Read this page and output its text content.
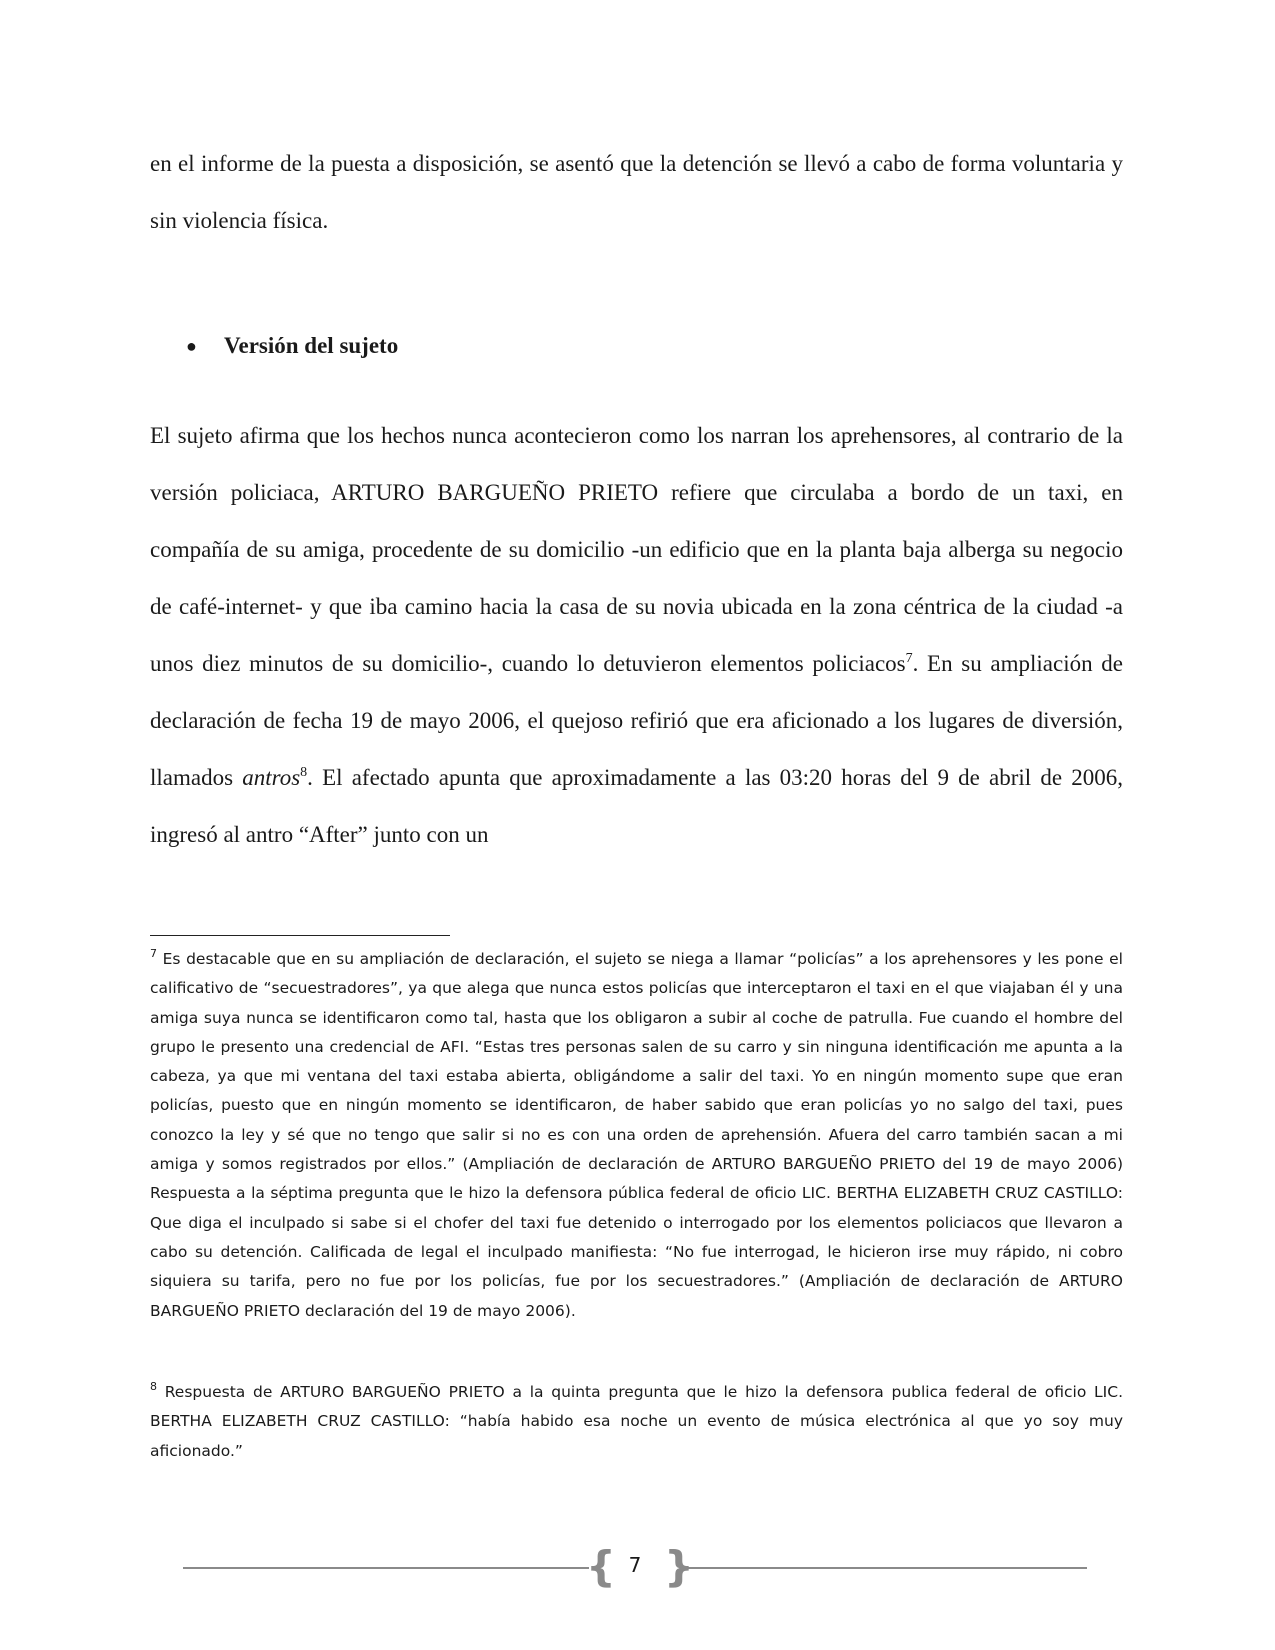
en el informe de la puesta a disposición, se asentó que la detención se llevó a cabo de forma voluntaria y sin violencia física.

●	Versión del sujeto

El sujeto afirma que los hechos nunca acontecieron como los narran los aprehensores, al contrario de la versión policiaca, ARTURO BARGUEÑO PRIETO refiere que circulaba a bordo de un taxi, en compañía de su amiga, procedente de su domicilio -un edificio que en la planta baja alberga su negocio de café-internet- y que iba camino hacia la casa de su novia ubicada en la zona céntrica de la ciudad -a unos diez minutos de su domicilio-, cuando lo detuvieron elementos policiacos$^7$. En su ampliación de declaración de fecha 19 de mayo 2006, el quejoso refirió que era aficionado a los lugares de diversión, llamados antros$^8$. El afectado apunta que aproximadamente a las 03:20 horas del 9 de abril de 2006, ingresó al antro “After” junto con un

$^7$ Es destacable que en su ampliación de declaración, el sujeto se niega a llamar “policías” a los aprehensores y les pone el calificativo de “secuestradores”, ya que alega que nunca estos policías que interceptaron el taxi en el que viajaban él y una amiga suya nunca se identificaron como tal, hasta que los obligaron a subir al coche de patrulla. Fue cuando el hombre del grupo le presento una credencial de AFI. “Estas tres personas salen de su carro y sin ninguna identificación me apunta a la cabeza, ya que mi ventana del taxi estaba abierta, obligándome a salir del taxi. Yo en ningún momento supe que eran policías, puesto que en ningún momento se identificaron, de haber sabido que eran policías yo no salgo del taxi, pues conozco la ley y sé que no tengo que salir si no es con una orden de aprehensión. Afuera del carro también sacan a mi amiga y somos registrados por ellos.” (Ampliación de declaración de ARTURO BARGUEÑO PRIETO del 19 de mayo 2006) Respuesta a la séptima pregunta que le hizo la defensora pública federal de oficio LIC. BERTHA ELIZABETH CRUZ CASTILLO: Que diga el inculpado si sabe si el chofer del taxi fue detenido o interrogado por los elementos policiacos que llevaron a cabo su detención. Calificada de legal el inculpado manifiesta: “No fue interrogad, le hicieron irse muy rápido, ni cobro siquiera su tarifa, pero no fue por los policías, fue por los secuestradores.” (Ampliación de declaración de ARTURO BARGUEÑO PRIETO declaración del 19 de mayo 2006).

$^8$ Respuesta de ARTURO BARGUEÑO PRIETO a la quinta pregunta que le hizo la defensora publica federal de oficio LIC. BERTHA ELIZABETH CRUZ CASTILLO: “había habido esa noche un evento de música electrónica al que yo soy muy aficionado.”

{ 7 }
